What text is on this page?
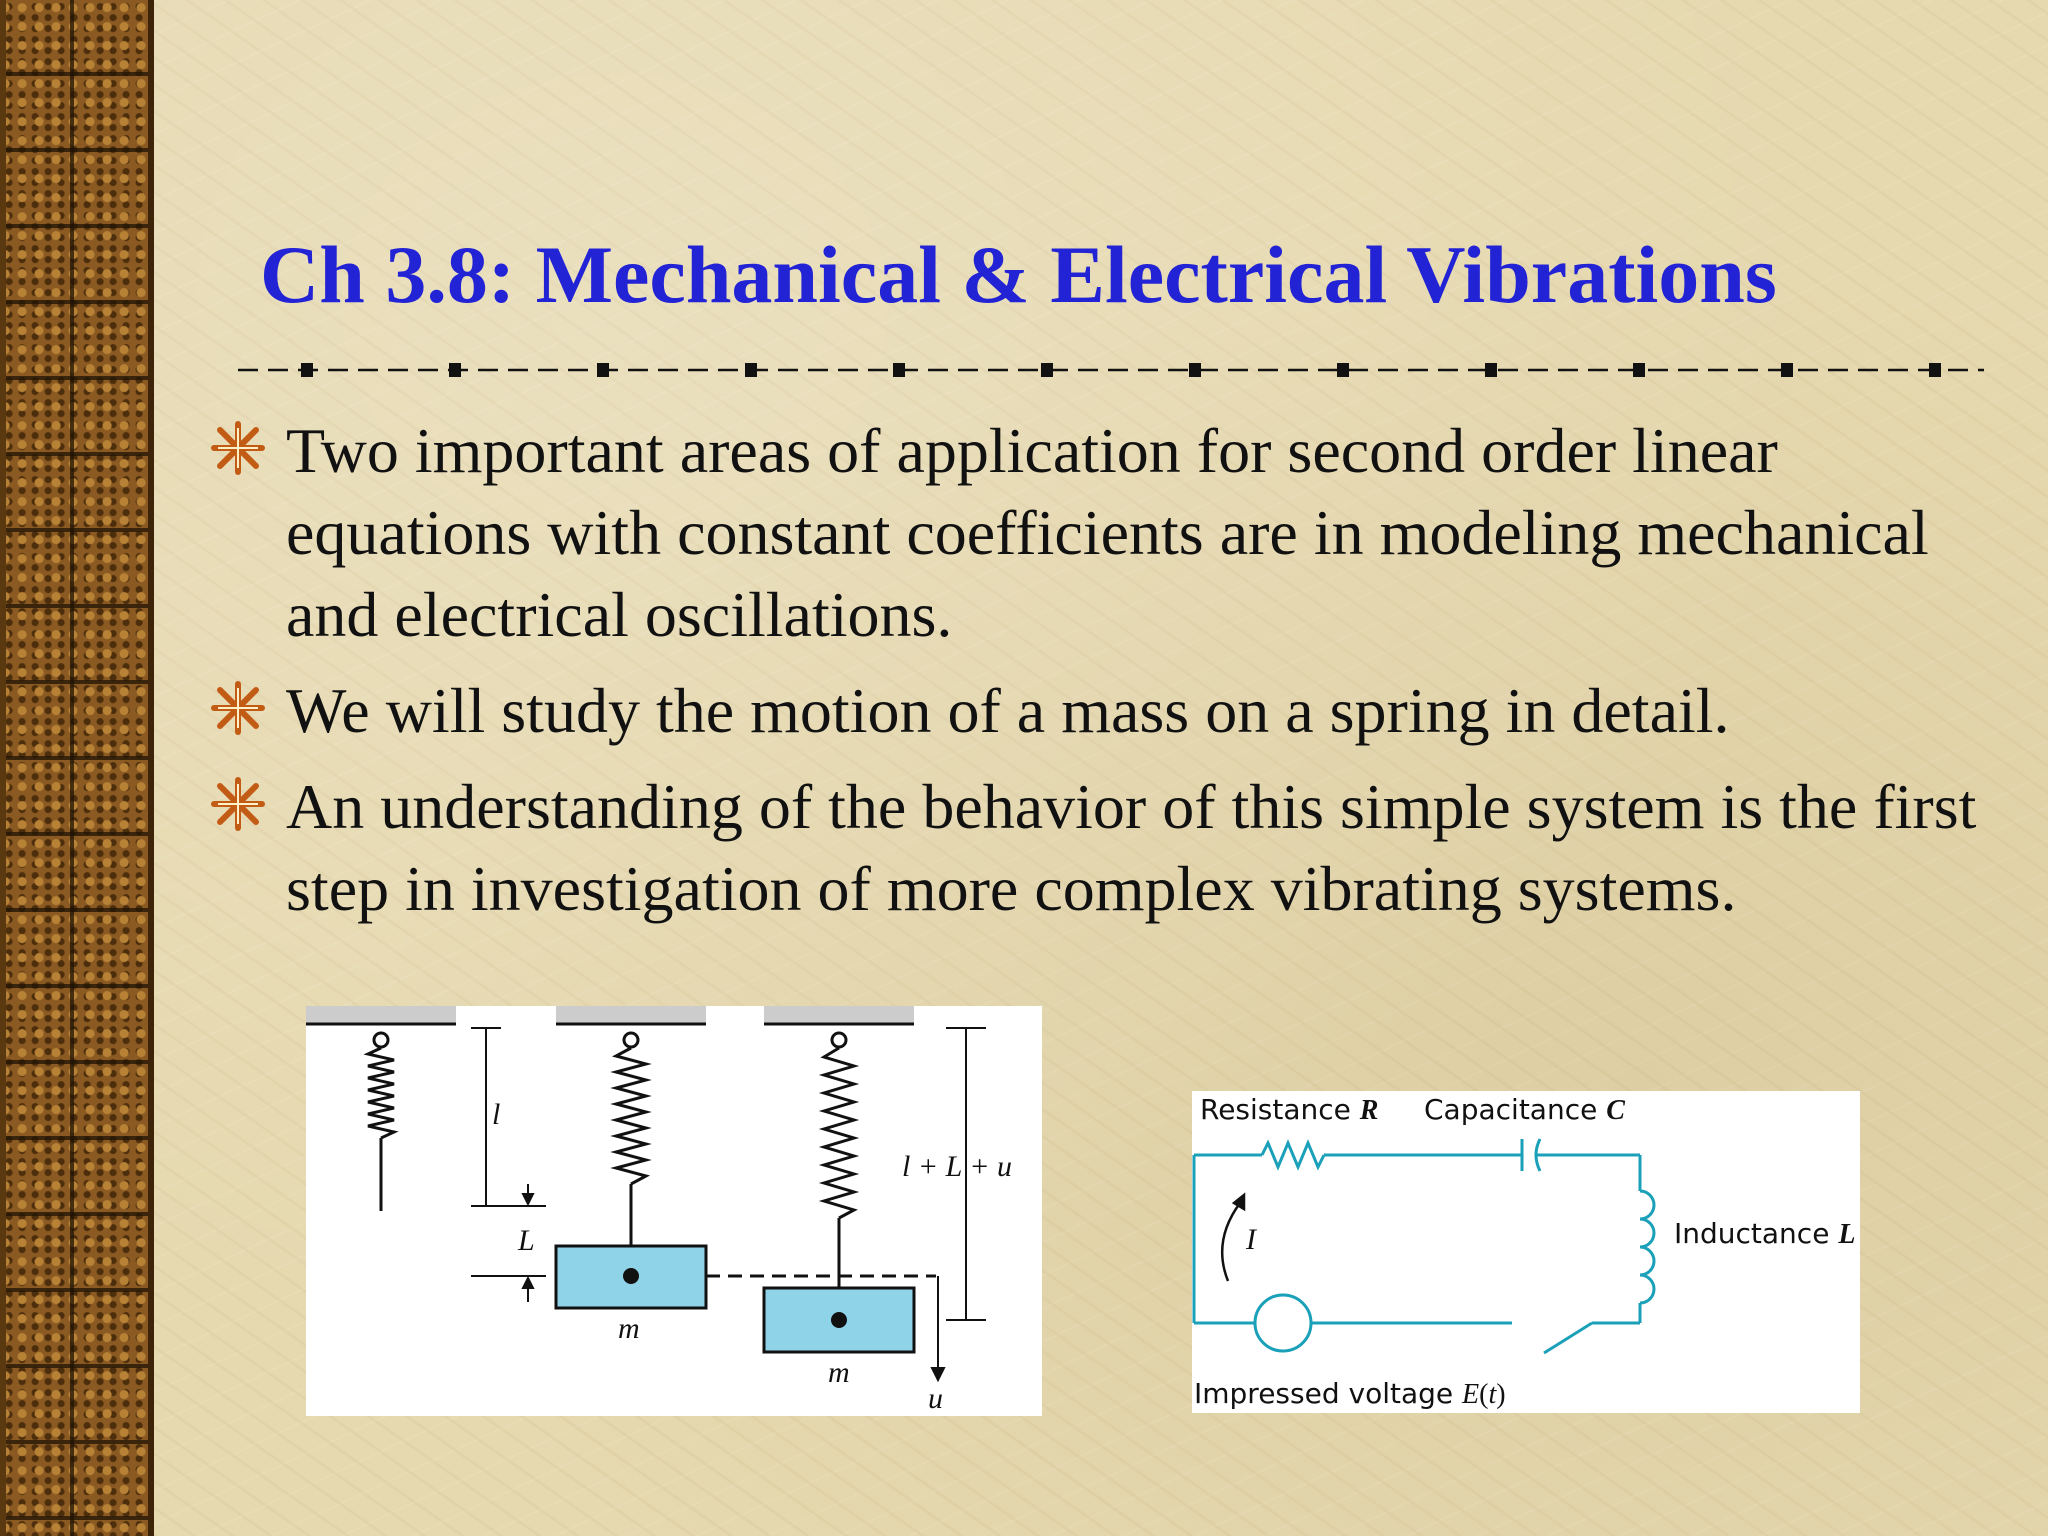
Ch 3.8: Mechanical & Electrical Vibrations
Two important areas of application for second order linear equations with constant coefficients are in modeling mechanical and electrical oscillations.
We will study the motion of a mass on a spring in detail.
An understanding of the behavior of this simple system is the first step in investigation of more complex vibrating systems.
l
L
l + L + u
m
m
u
Resistance R Capacitance C
Inductance L
I
Impressed voltage E(t)
